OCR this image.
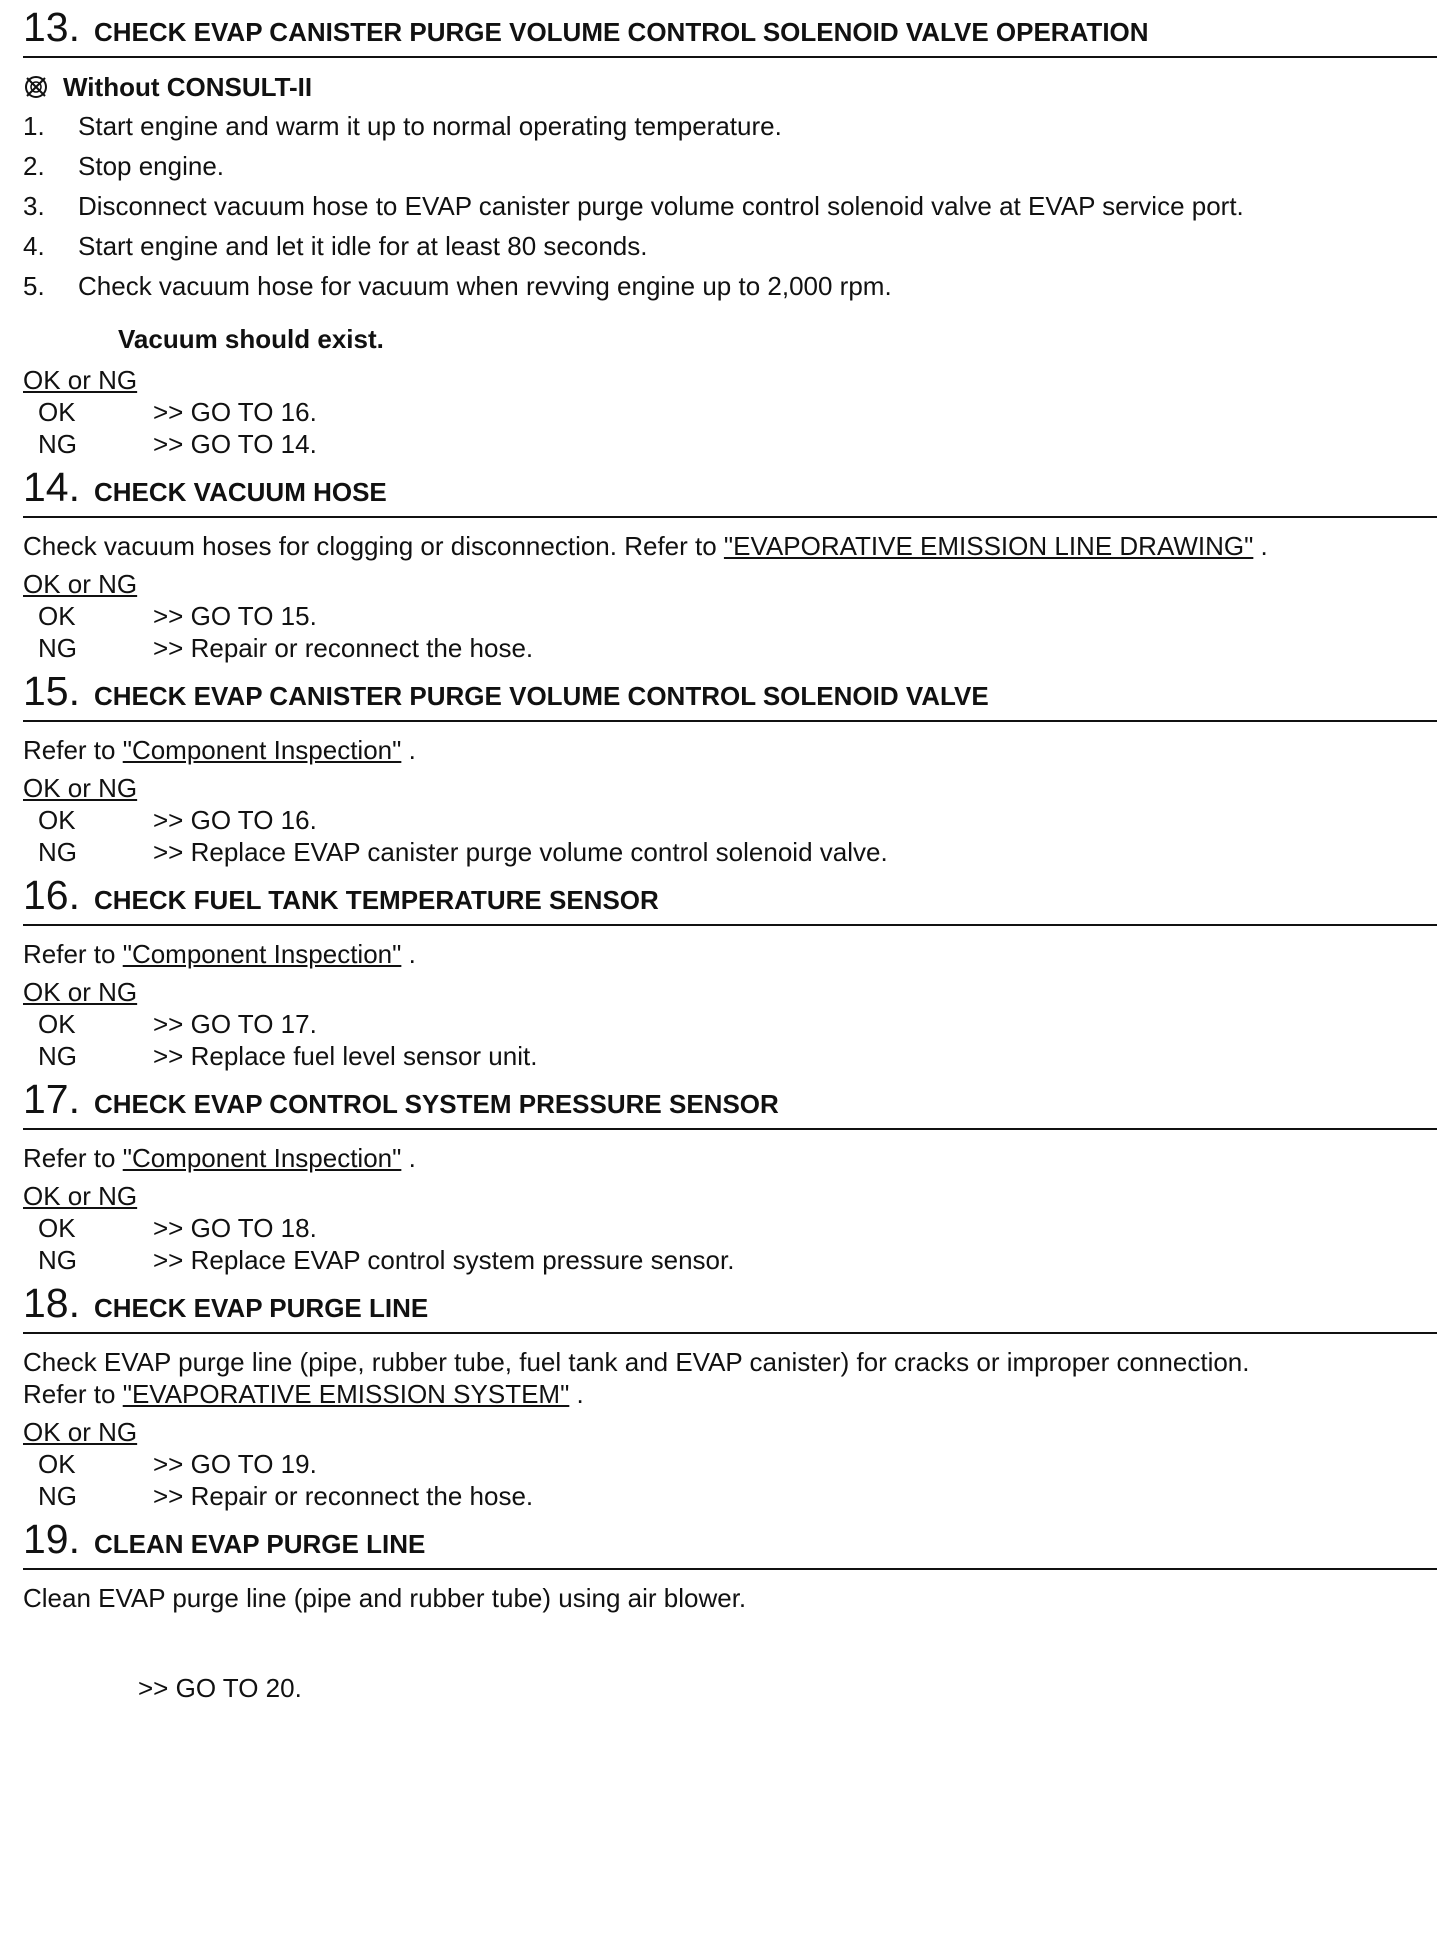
13. CHECK EVAP CANISTER PURGE VOLUME CONTROL SOLENOID VALVE OPERATION
Without CONSULT-II
1.	Start engine and warm it up to normal operating temperature.
2.	Stop engine.
3.	Disconnect vacuum hose to EVAP canister purge volume control solenoid valve at EVAP service port.
4.	Start engine and let it idle for at least 80 seconds.
5.	Check vacuum hose for vacuum when revving engine up to 2,000 rpm.
Vacuum should exist.
OK or NG
OK	>> GO TO 16.
NG	>> GO TO 14.
14. CHECK VACUUM HOSE
Check vacuum hoses for clogging or disconnection. Refer to "EVAPORATIVE EMISSION LINE DRAWING" .
OK or NG
OK	>> GO TO 15.
NG	>> Repair or reconnect the hose.
15. CHECK EVAP CANISTER PURGE VOLUME CONTROL SOLENOID VALVE
Refer to "Component Inspection" .
OK or NG
OK	>> GO TO 16.
NG	>> Replace EVAP canister purge volume control solenoid valve.
16. CHECK FUEL TANK TEMPERATURE SENSOR
Refer to "Component Inspection" .
OK or NG
OK	>> GO TO 17.
NG	>> Replace fuel level sensor unit.
17. CHECK EVAP CONTROL SYSTEM PRESSURE SENSOR
Refer to "Component Inspection" .
OK or NG
OK	>> GO TO 18.
NG	>> Replace EVAP control system pressure sensor.
18. CHECK EVAP PURGE LINE
Check EVAP purge line (pipe, rubber tube, fuel tank and EVAP canister) for cracks or improper connection.
Refer to "EVAPORATIVE EMISSION SYSTEM" .
OK or NG
OK	>> GO TO 19.
NG	>> Repair or reconnect the hose.
19. CLEAN EVAP PURGE LINE
Clean EVAP purge line (pipe and rubber tube) using air blower.
>> GO TO 20.
